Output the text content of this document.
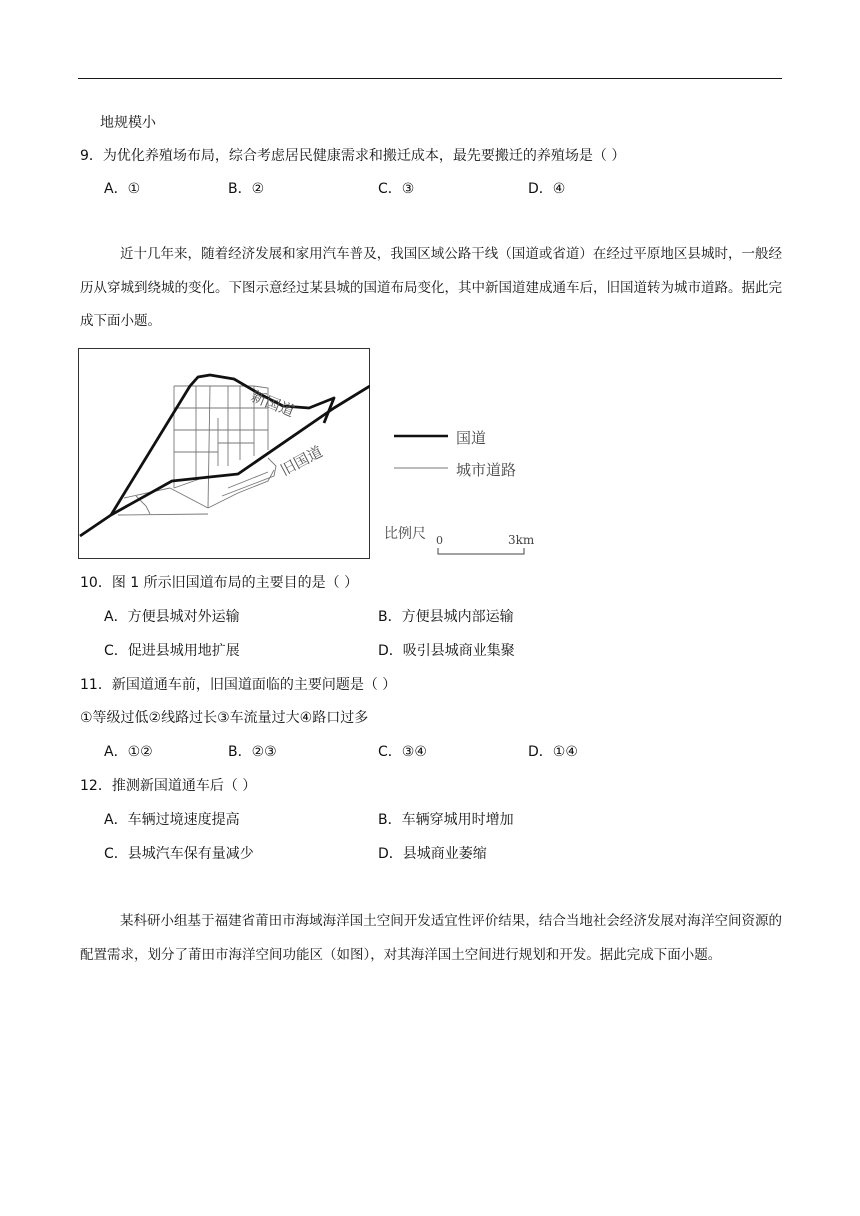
地规模小
9．为优化养殖场布局，综合考虑居民健康需求和搬迁成本，最先要搬迁的养殖场是（ ）
A．①	B．②	C．③	D．④
近十几年来，随着经济发展和家用汽车普及，我国区域公路干线（国道或省道）在经过平原地区县城时，一般经历从穿城到绕城的变化。下图示意经过某县城的国道布局变化，其中新国道建成通车后，旧国道转为城市道路。据此完成下面小题。
新国道
旧国道
国道
城市道路
比例尺 0	3km
10．图 1 所示旧国道布局的主要目的是（ ）
A．方便县城对外运输	B．方便县城内部运输
C．促进县城用地扩展	D．吸引县城商业集聚
11．新国道通车前，旧国道面临的主要问题是（ ）
①等级过低②线路过长③车流量过大④路口过多
A．①②	B．②③	C．③④	D．①④
12．推测新国道通车后（ ）
A．车辆过境速度提高	B．车辆穿城用时增加
C．县城汽车保有量减少	D．县城商业萎缩
某科研小组基于福建省莆田市海域海洋国土空间开发适宜性评价结果，结合当地社会经济发展对海洋空间资源的配置需求，划分了莆田市海洋空间功能区（如图），对其海洋国土空间进行规划和开发。据此完成下面小题。
